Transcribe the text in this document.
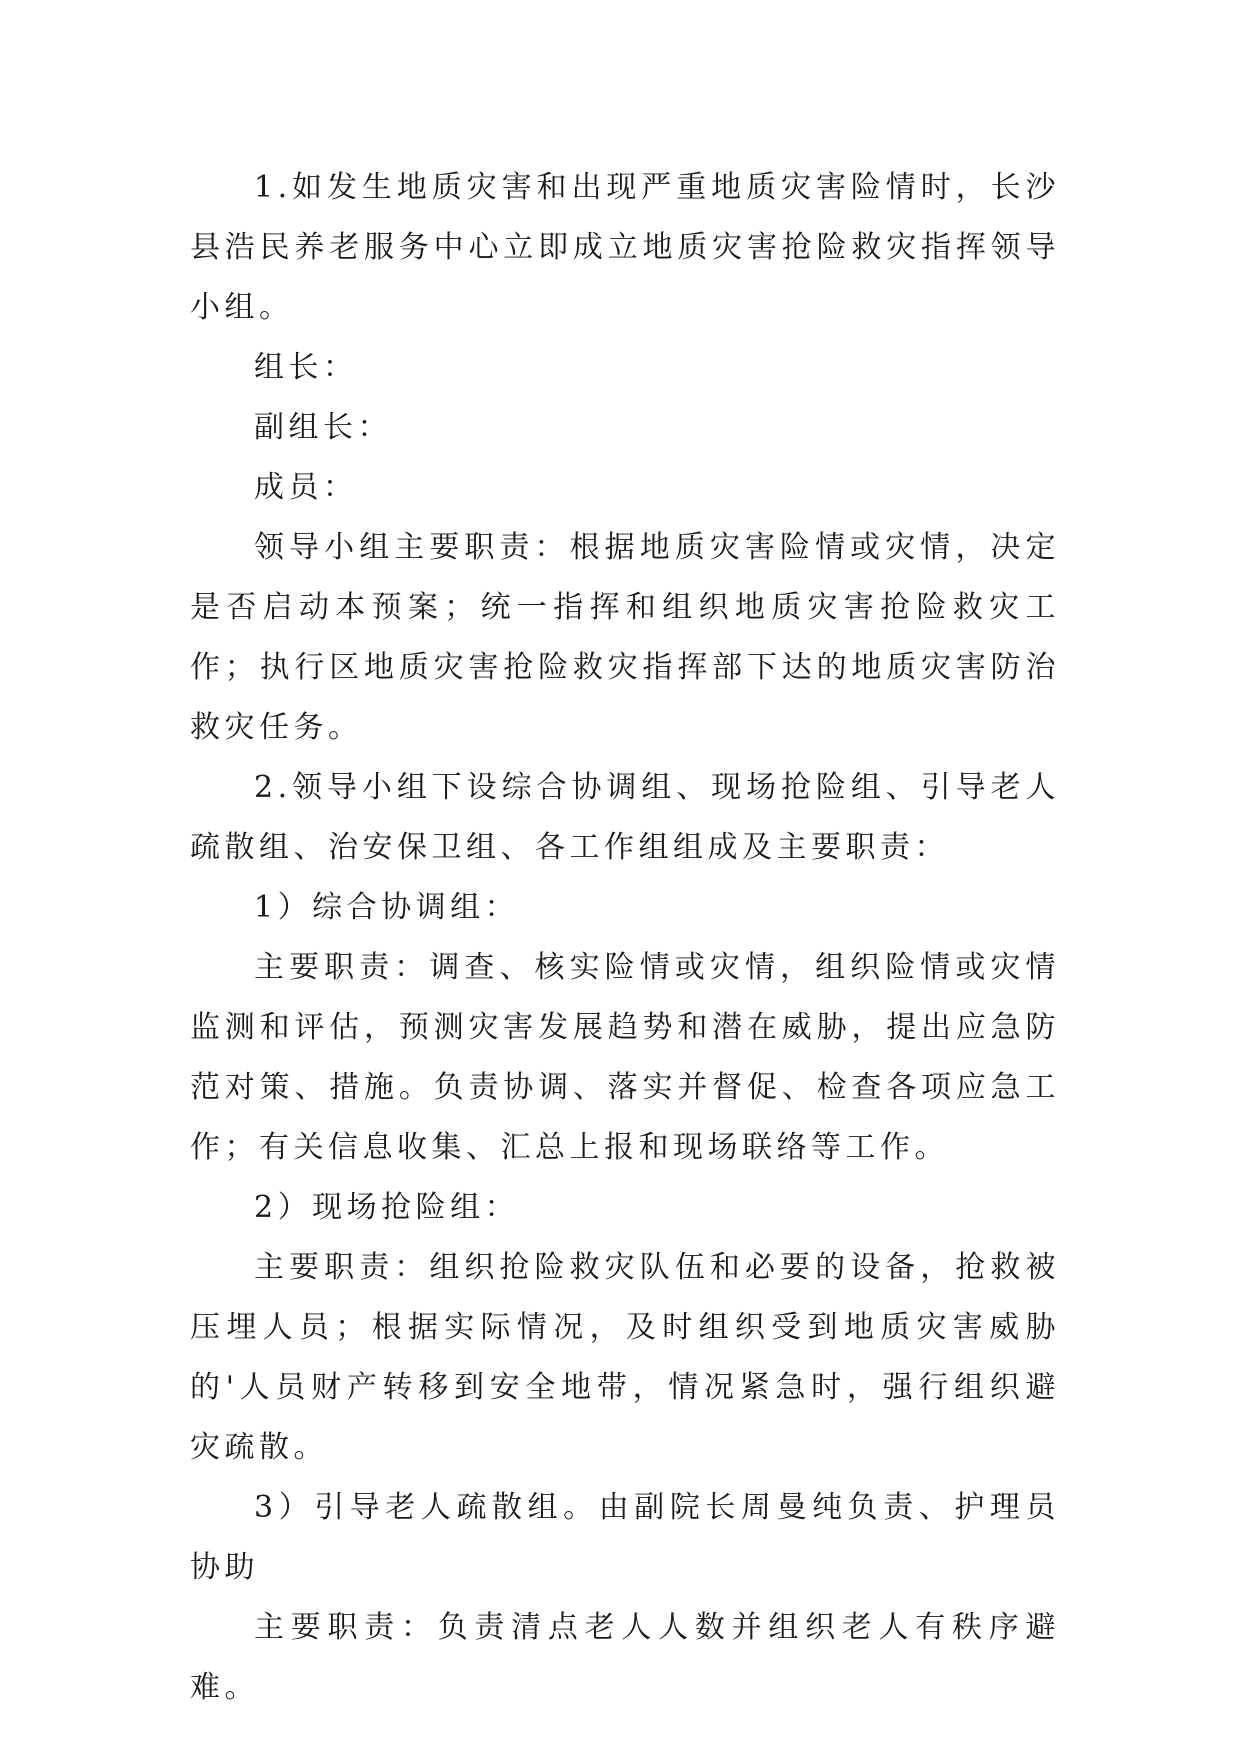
1.如发生地质灾害和出现严重地质灾害险情时，长沙县浩民养老服务中心立即成立地质灾害抢险救灾指挥领导小组。

组长：

副组长：

成员：

领导小组主要职责：根据地质灾害险情或灾情，决定是否启动本预案；统一指挥和组织地质灾害抢险救灾工作；执行区地质灾害抢险救灾指挥部下达的地质灾害防治救灾任务。

2.领导小组下设综合协调组、现场抢险组、引导老人疏散组、治安保卫组、各工作组组成及主要职责：

1）综合协调组：

主要职责：调查、核实险情或灾情，组织险情或灾情监测和评估，预测灾害发展趋势和潜在威胁，提出应急防范对策、措施。负责协调、落实并督促、检查各项应急工作；有关信息收集、汇总上报和现场联络等工作。

2）现场抢险组：

主要职责：组织抢险救灾队伍和必要的设备，抢救被压埋人员；根据实际情况，及时组织受到地质灾害威胁的'人员财产转移到安全地带，情况紧急时，强行组织避灾疏散。

3）引导老人疏散组。由副院长周曼纯负责、护理员协助

主要职责：负责清点老人人数并组织老人有秩序避难。
